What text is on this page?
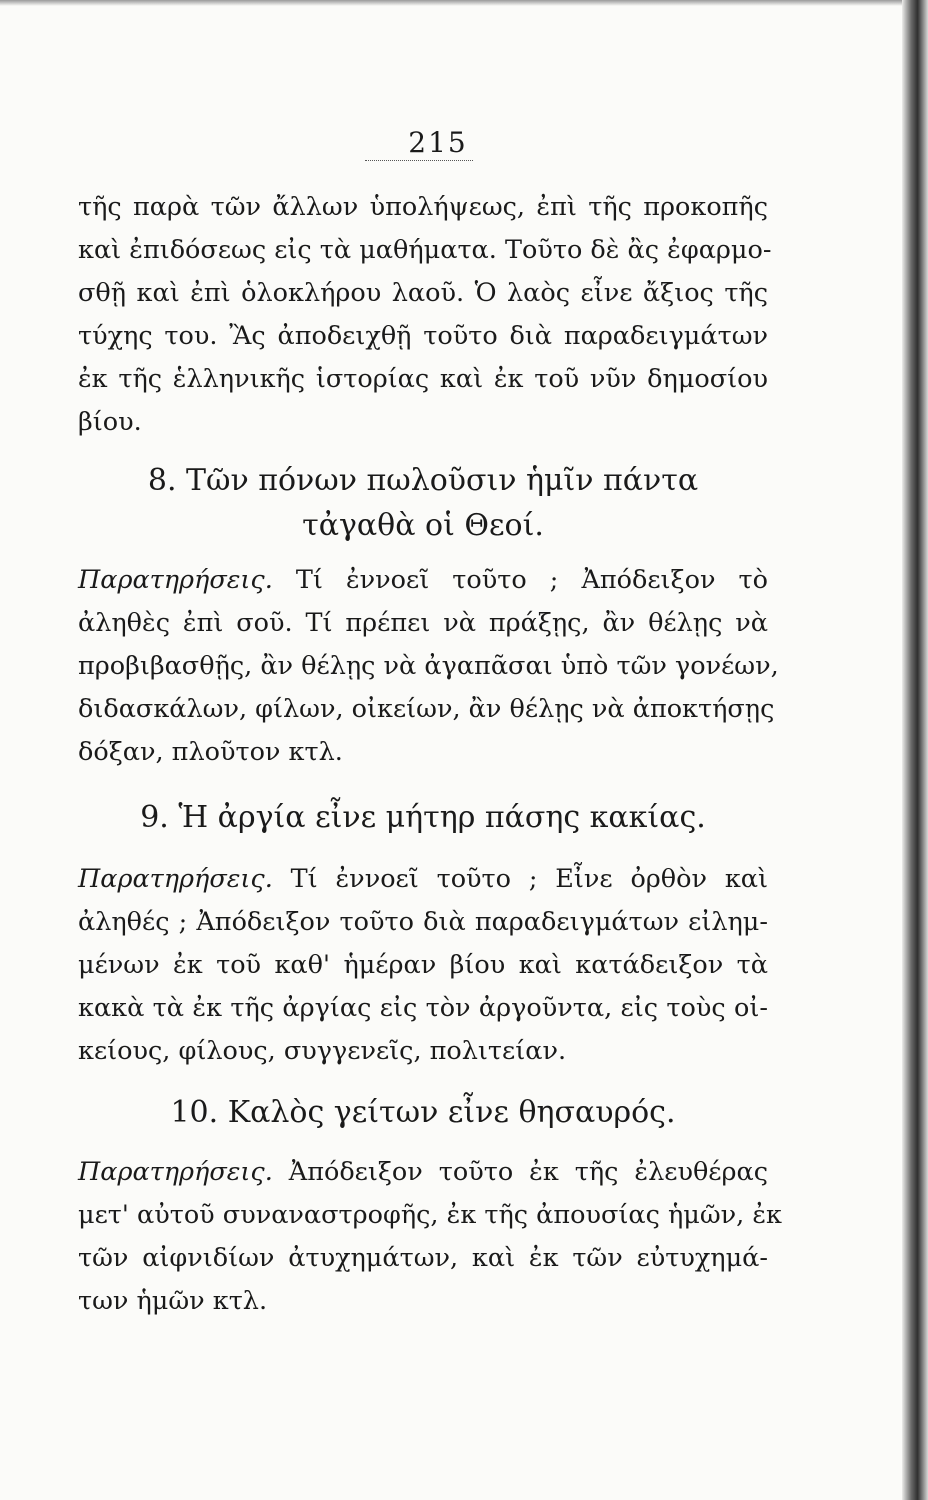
215
τῆς παρὰ τῶν ἄλλων ὑπολήψεως, ἐπὶ τῆς προκοπῆς
καὶ ἐπιδόσεως εἰς τὰ μαθήματα. Τοῦτο δὲ ἂς ἐφαρμο-
σθῇ καὶ ἐπὶ ὁλοκλήρου λαοῦ. Ὁ λαὸς εἶνε ἄξιος τῆς
τύχης του. Ἂς ἀποδειχθῇ τοῦτο διὰ παραδειγμάτων
ἐκ τῆς ἑλληνικῆς ἱστορίας καὶ ἐκ τοῦ νῦν δημοσίου
βίου.
8. Τῶν πόνων πωλοῦσιν ἡμῖν πάντα
τἀγαθὰ οἱ Θεοί.
Παρατηρήσεις. Τί ἐννοεῖ τοῦτο ; Ἀπόδειξον τὸ
ἀληθὲς ἐπὶ σοῦ. Τί πρέπει νὰ πράξῃς, ἂν θέλῃς νὰ
προβιβασθῇς, ἂν θέλῃς νὰ ἀγαπᾶσαι ὑπὸ τῶν γονέων,
διδασκάλων, φίλων, οἰκείων, ἂν θέλῃς νὰ ἀποκτήσῃς
δόξαν, πλοῦτον κτλ.
9. Ἡ ἀργία εἶνε μήτηρ πάσης κακίας.
Παρατηρήσεις. Τί ἐννοεῖ τοῦτο ; Εἶνε ὀρθὸν καὶ
ἀληθές ; Ἀπόδειξον τοῦτο διὰ παραδειγμάτων εἰλημ-
μένων ἐκ τοῦ καθ' ἡμέραν βίου καὶ κατάδειξον τὰ
κακὰ τὰ ἐκ τῆς ἀργίας εἰς τὸν ἀργοῦντα, εἰς τοὺς οἰ-
κείους, φίλους, συγγενεῖς, πολιτείαν.
10. Καλὸς γείτων εἶνε θησαυρός.
Παρατηρήσεις. Ἀπόδειξον τοῦτο ἐκ τῆς ἐλευθέρας
μετ' αὐτοῦ συναναστροφῆς, ἐκ τῆς ἀπουσίας ἡμῶν, ἐκ
τῶν αἰφνιδίων ἀτυχημάτων, καὶ ἐκ τῶν εὐτυχημά-
των ἡμῶν κτλ.
